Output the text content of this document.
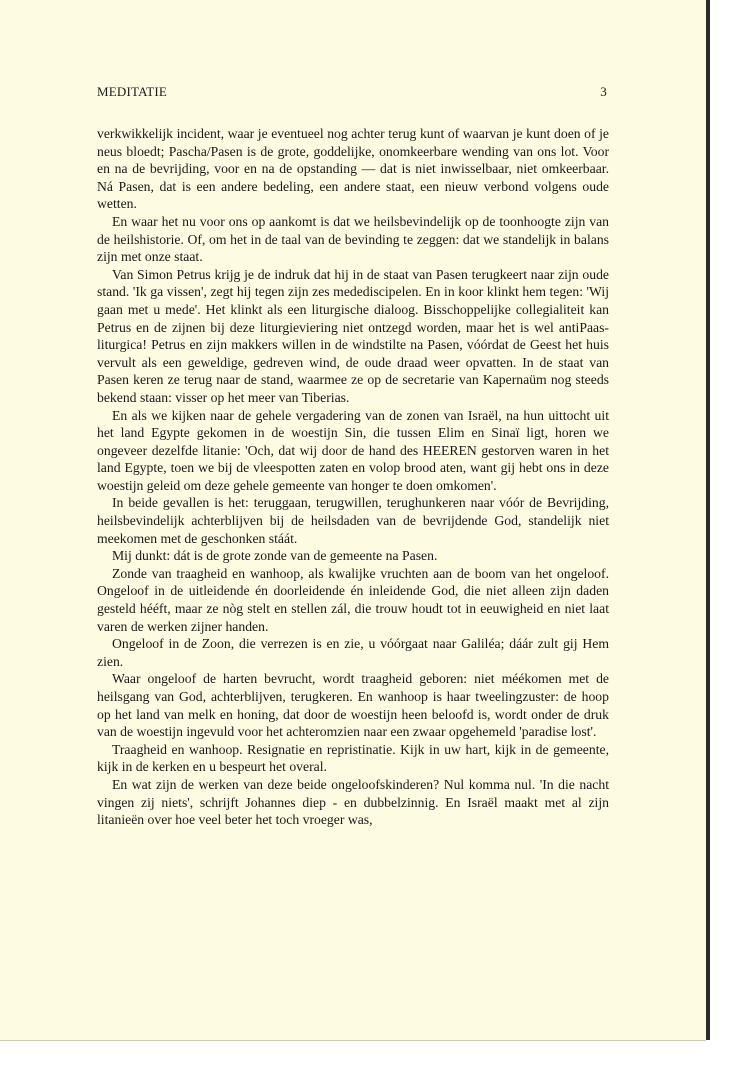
MEDITATIE	3

verkwikkelijk incident, waar je eventueel nog achter terug kunt of waarvan je kunt doen of je neus bloedt; Pascha/Pasen is de grote, goddelijke, onomkeerbare wending van ons lot. Voor en na de bevrijding, voor en na de opstanding — dat is niet inwisselbaar, niet omkeerbaar. Ná Pasen, dat is een andere bedeling, een andere staat, een nieuw verbond volgens oude wetten.

En waar het nu voor ons op aankomt is dat we heilsbevindelijk op de toonhoogte zijn van de heilshistorie. Of, om het in de taal van de bevinding te zeggen: dat we standelijk in balans zijn met onze staat.

Van Simon Petrus krijg je de indruk dat hij in de staat van Pasen terugkeert naar zijn oude stand. 'Ik ga vissen', zegt hij tegen zijn zes medediscipelen. En in koor klinkt hem tegen: 'Wij gaan met u mede'. Het klinkt als een liturgische dialoog. Bisschoppelijke collegialiteit kan Petrus en de zijnen bij deze liturgieviering niet ontzegd worden, maar het is wel antiPaas-liturgica! Petrus en zijn makkers willen in de windstilte na Pasen, vóórdat de Geest het huis vervult als een geweldige, gedreven wind, de oude draad weer opvatten. In de staat van Pasen keren ze terug naar de stand, waarmee ze op de secretarie van Kapernaüm nog steeds bekend staan: visser op het meer van Tiberias.

En als we kijken naar de gehele vergadering van de zonen van Israël, na hun uittocht uit het land Egypte gekomen in de woestijn Sin, die tussen Elim en Sinaï ligt, horen we ongeveer dezelfde litanie: 'Och, dat wij door de hand des HEEREN gestorven waren in het land Egypte, toen we bij de vleespotten zaten en volop brood aten, want gij hebt ons in deze woestijn geleid om deze gehele gemeente van honger te doen omkomen'.

In beide gevallen is het: teruggaan, terugwillen, terughunkeren naar vóór de Bevrijding, heilsbevindelijk achterblijven bij de heilsdaden van de bevrijdende God, standelijk niet meekomen met de geschonken stáát.

Mij dunkt: dát is de grote zonde van de gemeente na Pasen.

Zonde van traagheid en wanhoop, als kwalijke vruchten aan de boom van het ongeloof. Ongeloof in de uitleidende én doorleidende én inleidende God, die niet alleen zijn daden gesteld hééft, maar ze nòg stelt en stellen zál, die trouw houdt tot in eeuwigheid en niet laat varen de werken zijner handen.

Ongeloof in de Zoon, die verrezen is en zie, u vóórgaat naar Galiléa; dáár zult gij Hem zien.

Waar ongeloof de harten bevrucht, wordt traagheid geboren: niet méékomen met de heilsgang van God, achterblijven, terugkeren. En wanhoop is haar tweelingzuster: de hoop op het land van melk en honing, dat door de woestijn heen beloofd is, wordt onder de druk van de woestijn ingevuld voor het achteromzien naar een zwaar opgehemeld 'paradise lost'.

Traagheid en wanhoop. Resignatie en repristinatie. Kijk in uw hart, kijk in de gemeente, kijk in de kerken en u bespeurt het overal.

En wat zijn de werken van deze beide ongeloofskinderen? Nul komma nul. 'In die nacht vingen zij niets', schrijft Johannes diep - en dubbelzinnig. En Israël maakt met al zijn litanieën over hoe veel beter het toch vroeger was,
